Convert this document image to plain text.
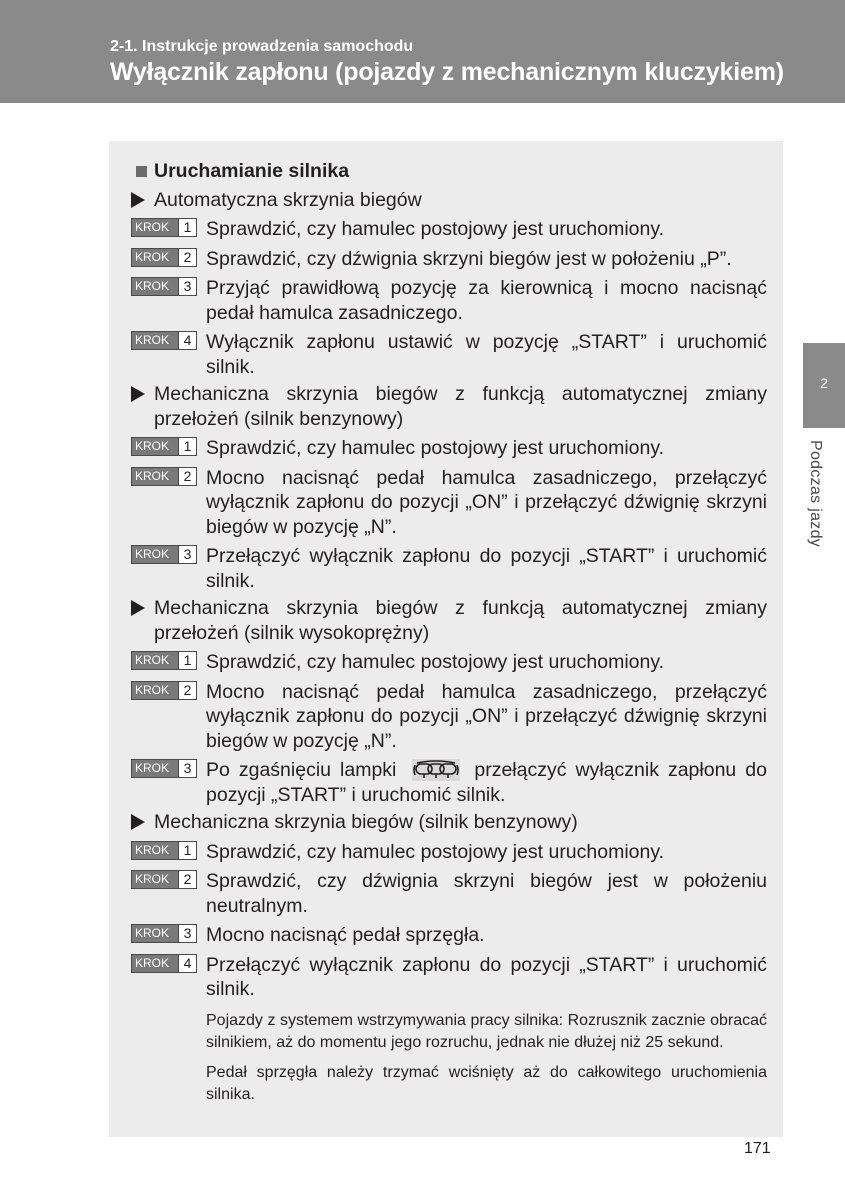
2-1. Instrukcje prowadzenia samochodu
Wyłącznik zapłonu (pojazdy z mechanicznym kluczykiem)
Uruchamianie silnika
Automatyczna skrzynia biegów
KROK	1 Sprawdzić, czy hamulec postojowy jest uruchomiony.
KROK	2 Sprawdzić, czy dźwignia skrzyni biegów jest w położeniu „P”.
KROK	3 Przyjąć prawidłową pozycję za kierownicą i mocno nacisnąć pedał hamulca zasadniczego.
KROK	4 Wyłącznik zapłonu ustawić w pozycję „START” i uruchomić silnik.
Mechaniczna skrzynia biegów z funkcją automatycznej zmiany przełożeń (silnik benzynowy)
KROK	1 Sprawdzić, czy hamulec postojowy jest uruchomiony.
KROK	2 Mocno nacisnąć pedał hamulca zasadniczego, przełączyć wyłącznik zapłonu do pozycji „ON” i przełączyć dźwignię skrzyni biegów w pozycję „N”.
KROK	3 Przełączyć wyłącznik zapłonu do pozycji „START” i uruchomić silnik.
Mechaniczna skrzynia biegów z funkcją automatycznej zmiany przełożeń (silnik wysokoprężny)
KROK	1 Sprawdzić, czy hamulec postojowy jest uruchomiony.
KROK	2 Mocno nacisnąć pedał hamulca zasadniczego, przełączyć wyłącznik zapłonu do pozycji „ON” i przełączyć dźwignię skrzyni biegów w pozycję „N”.
KROK	3 Po zgaśnięciu lampki	przełączyć wyłącznik zapłonu do pozycji „START” i uruchomić silnik.
Mechaniczna skrzynia biegów (silnik benzynowy)
KROK	1 Sprawdzić, czy hamulec postojowy jest uruchomiony.
KROK	2 Sprawdzić, czy dźwignia skrzyni biegów jest w położeniu neutralnym.
KROK	3 Mocno nacisnąć pedał sprzęgła.
KROK	4 Przełączyć wyłącznik zapłonu do pozycji „START” i uruchomić silnik.

Pojazdy z systemem wstrzymywania pracy silnika: Rozrusznik zacznie obracać silnikiem, aż do momentu jego rozruchu, jednak nie dłużej niż 25 sekund.

Pedał sprzęgła należy trzymać wciśnięty aż do całkowitego uruchomienia silnika.

2
Podczas jazdy
171
